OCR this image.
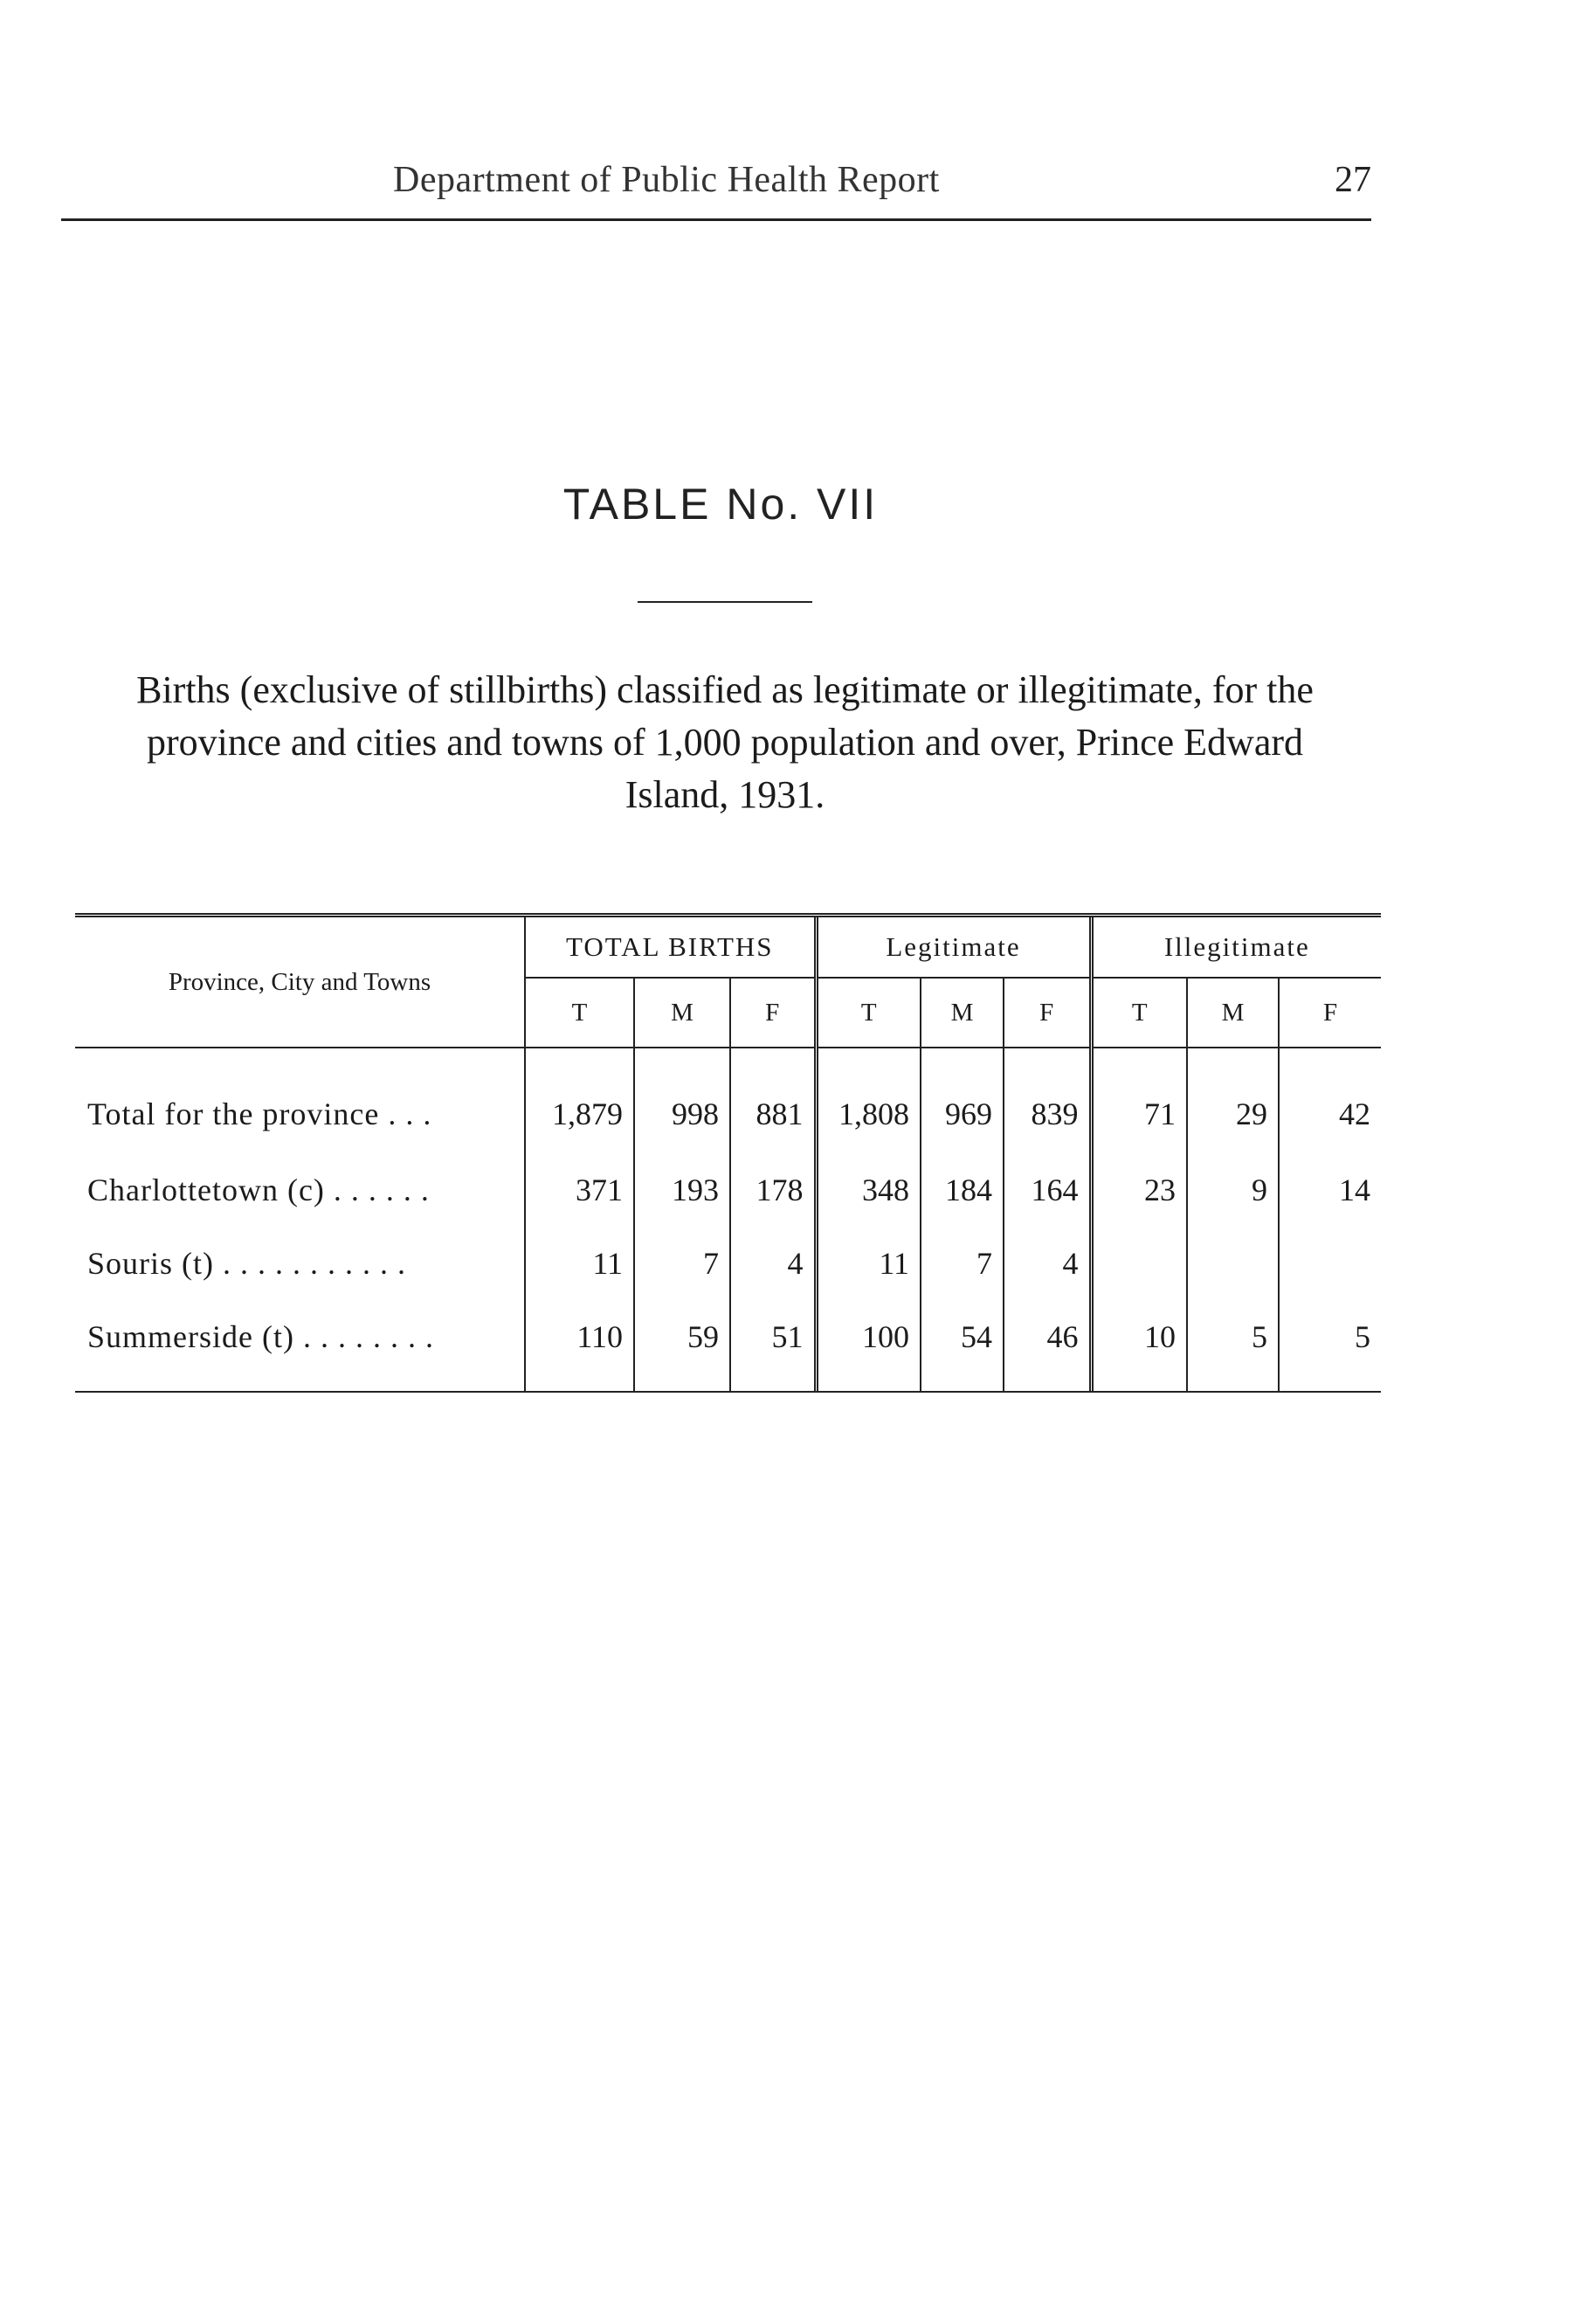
Department of Public Health Report	27
TABLE No. VII
Births (exclusive of stillbirths) classified as legitimate or illegitimate, for the province and cities and towns of 1,000 population and over, Prince Edward Island, 1931.
Province, City and Towns	TOTAL BIRTHS			Legitimate			Illegitimate		
	T	M	F	T	M	F	T	M	F
Total for the province . . .	1,879	998	881	1,808	969	839	71	29	42
Charlottetown (c) . . . . . .	371	193	178	348	184	164	23	9	14
Souris (t) . . . . . . . . . . .	11	7	4	11	7	4			
Summerside (t) . . . . . . . .	110	59	51	100	54	46	10	5	5
